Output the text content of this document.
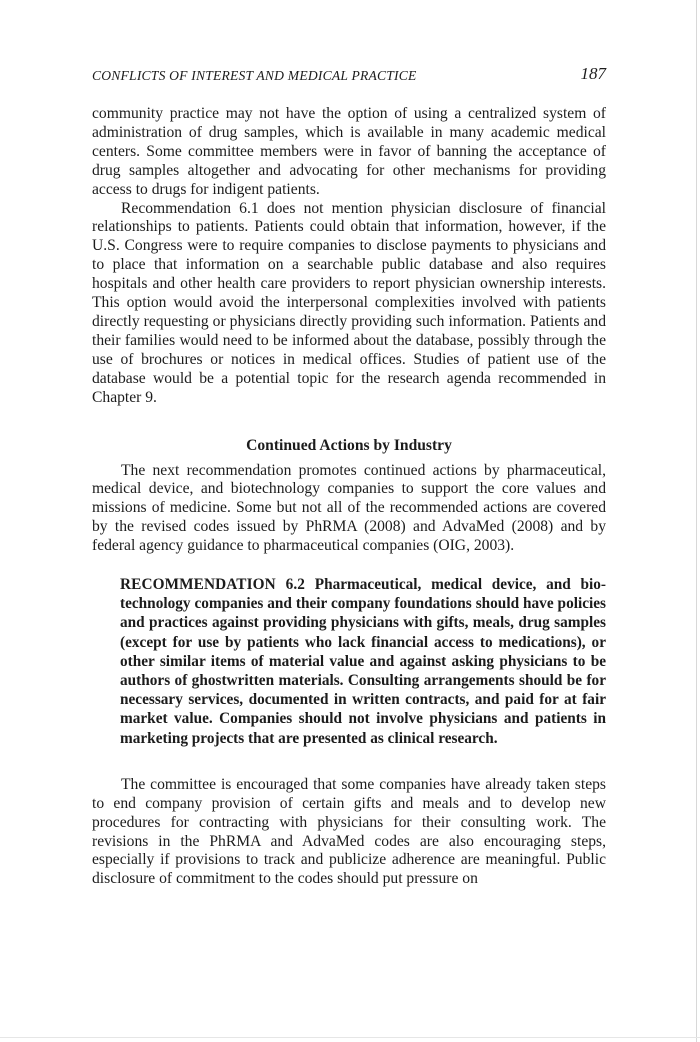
CONFLICTS OF INTEREST AND MEDICAL PRACTICE	187

community practice may not have the option of using a centralized system of administration of drug samples, which is available in many academic medical centers. Some committee members were in favor of banning the acceptance of drug samples altogether and advocating for other mechanisms for providing access to drugs for indigent patients.

Recommendation 6.1 does not mention physician disclosure of financial relationships to patients. Patients could obtain that information, however, if the U.S. Congress were to require companies to disclose payments to physicians and to place that information on a searchable public database and also requires hospitals and other health care providers to report physician ownership interests. This option would avoid the interpersonal complexities involved with patients directly requesting or physicians directly providing such information. Patients and their families would need to be informed about the database, possibly through the use of brochures or notices in medical offices. Studies of patient use of the database would be a potential topic for the research agenda recommended in Chapter 9.

Continued Actions by Industry

The next recommendation promotes continued actions by pharmaceutical, medical device, and biotechnology companies to support the core values and missions of medicine. Some but not all of the recommended actions are covered by the revised codes issued by PhRMA (2008) and AdvaMed (2008) and by federal agency guidance to pharmaceutical companies (OIG, 2003).

RECOMMENDATION 6.2 Pharmaceutical, medical device, and biotechnology companies and their company foundations should have policies and practices against providing physicians with gifts, meals, drug samples (except for use by patients who lack financial access to medications), or other similar items of material value and against asking physicians to be authors of ghostwritten materials. Consulting arrangements should be for necessary services, documented in written contracts, and paid for at fair market value. Companies should not involve physicians and patients in marketing projects that are presented as clinical research.

The committee is encouraged that some companies have already taken steps to end company provision of certain gifts and meals and to develop new procedures for contracting with physicians for their consulting work. The revisions in the PhRMA and AdvaMed codes are also encouraging steps, especially if provisions to track and publicize adherence are meaningful. Public disclosure of commitment to the codes should put pressure on
